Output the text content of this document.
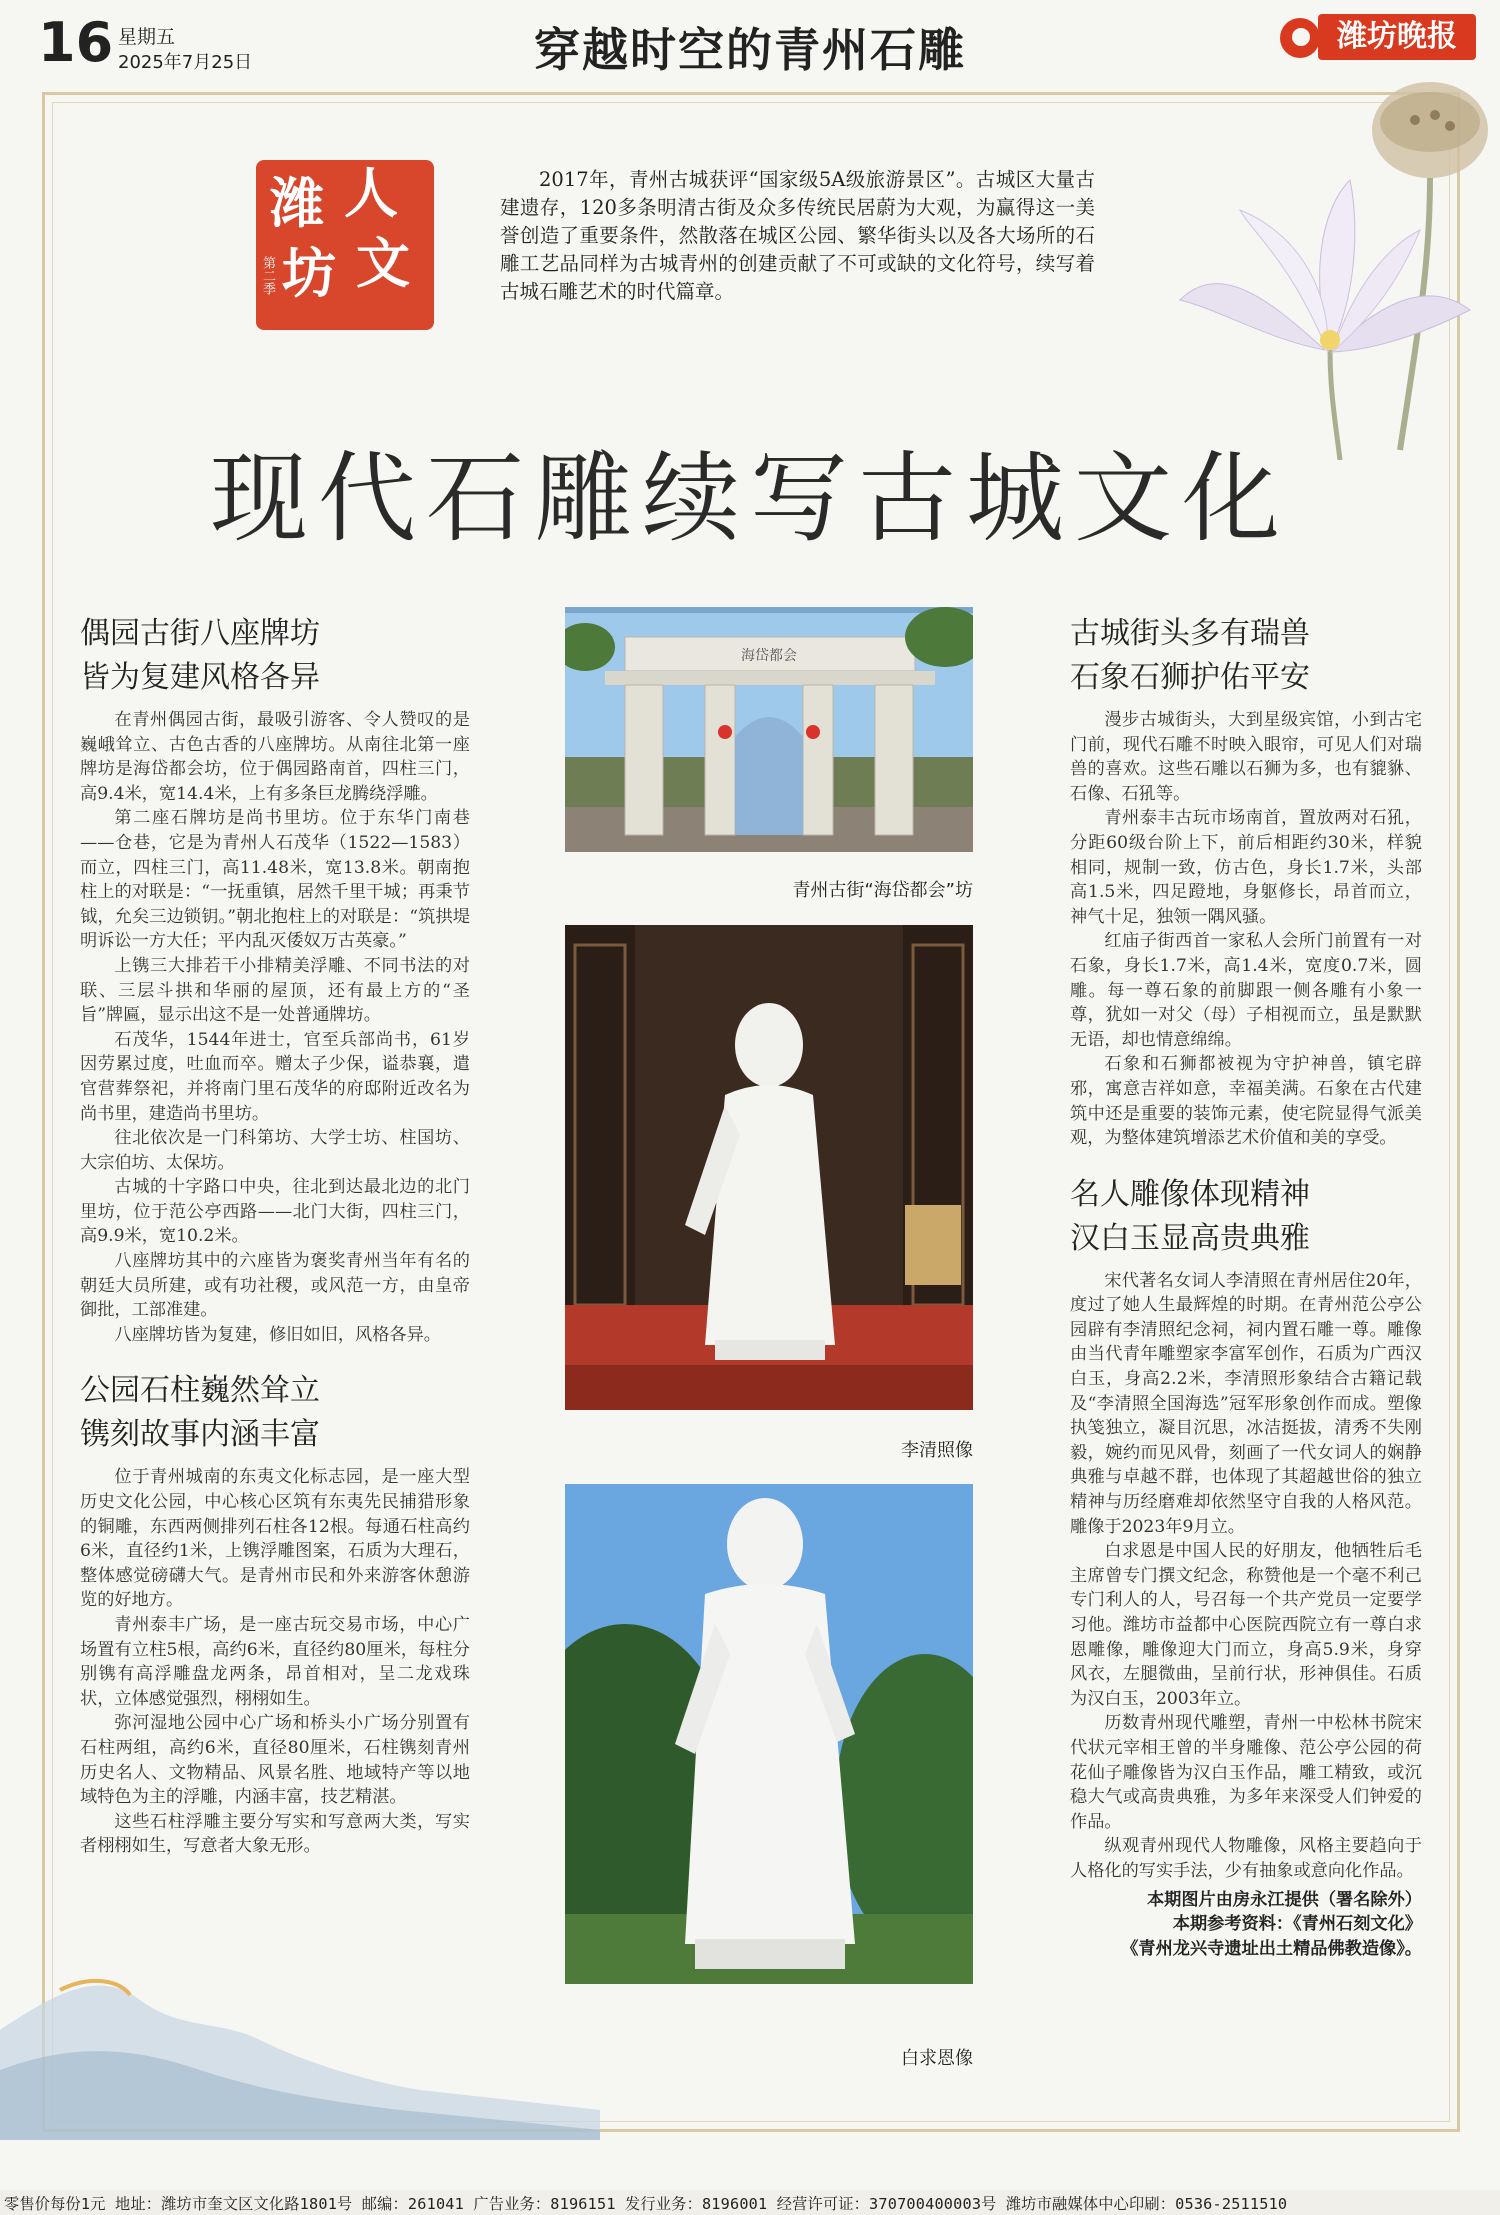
16 星期五
2025年7月25日	穿越时空的青州石雕	潍坊晚报
潍 人
坊 文
第二季

2017年，青州古城获评“国家级5A级旅游景区”。古城区大量古建遗存，120多条明清古街及众多传统民居蔚为大观，为赢得这一美誉创造了重要条件，然散落在城区公园、繁华街头以及各大场所的石雕工艺品同样为古城青州的创建贡献了不可或缺的文化符号，续写着古城石雕艺术的时代篇章。

现代石雕续写古城文化
偶园古街八座牌坊
皆为复建风格各异

在青州偶园古街，最吸引游客、令人赞叹的是巍峨耸立、古色古香的八座牌坊。从南往北第一座牌坊是海岱都会坊，位于偶园路南首，四柱三门，高9.4米，宽14.4米，上有多条巨龙腾绕浮雕。

第二座石牌坊是尚书里坊。位于东华门南巷——仓巷，它是为青州人石茂华（1522—1583）而立，四柱三门，高11.48米，宽13.8米。朝南抱柱上的对联是：“一抚重镇，居然千里干城；再秉节钺，允矣三边锁钥。”朝北抱柱上的对联是：“筑拱堤明诉讼一方大任；平内乱灭倭奴万古英豪。”

上镌三大排若干小排精美浮雕、不同书法的对联、三层斗拱和华丽的屋顶，还有最上方的“圣旨”牌匾，显示出这不是一处普通牌坊。

石茂华，1544年进士，官至兵部尚书，61岁因劳累过度，吐血而卒。赠太子少保，谥恭襄，遣官营葬祭祀，并将南门里石茂华的府邸附近改名为尚书里，建造尚书里坊。

往北依次是一门科第坊、大学士坊、柱国坊、大宗伯坊、太保坊。

古城的十字路口中央，往北到达最北边的北门里坊，位于范公亭西路——北门大街，四柱三门，高9.9米，宽10.2米。

八座牌坊其中的六座皆为褒奖青州当年有名的朝廷大员所建，或有功社稷，或风范一方，由皇帝御批，工部准建。

八座牌坊皆为复建，修旧如旧，风格各异。

公园石柱巍然耸立
镌刻故事内涵丰富

位于青州城南的东夷文化标志园，是一座大型历史文化公园，中心核心区筑有东夷先民捕猎形象的铜雕，东西两侧排列石柱各12根。每通石柱高约6米，直径约1米，上镌浮雕图案，石质为大理石，整体感觉磅礴大气。是青州市民和外来游客休憩游览的好地方。

青州泰丰广场，是一座古玩交易市场，中心广场置有立柱5根，高约6米，直径约80厘米，每柱分别镌有高浮雕盘龙两条，昂首相对，呈二龙戏珠状，立体感觉强烈，栩栩如生。

弥河湿地公园中心广场和桥头小广场分别置有石柱两组，高约6米，直径80厘米，石柱镌刻青州历史名人、文物精品、风景名胜、地域特产等以地域特色为主的浮雕，内涵丰富，技艺精湛。

这些石柱浮雕主要分写实和写意两大类，写实者栩栩如生，写意者大象无形。

海岱都会
青州古街“海岱都会”坊
李清照像
白求恩像
古城街头多有瑞兽
石象石狮护佑平安

漫步古城街头，大到星级宾馆，小到古宅门前，现代石雕不时映入眼帘，可见人们对瑞兽的喜欢。这些石雕以石狮为多，也有貔貅、石像、石犼等。

青州泰丰古玩市场南首，置放两对石犼，分距60级台阶上下，前后相距约30米，样貌相同，规制一致，仿古色，身长1.7米，头部高1.5米，四足蹬地，身躯修长，昂首而立，神气十足，独领一隅风骚。

红庙子街西首一家私人会所门前置有一对石象，身长1.7米，高1.4米，宽度0.7米，圆雕。每一尊石象的前脚跟一侧各雕有小象一尊，犹如一对父（母）子相视而立，虽是默默无语，却也情意绵绵。

石象和石狮都被视为守护神兽，镇宅辟邪，寓意吉祥如意，幸福美满。石象在古代建筑中还是重要的装饰元素，使宅院显得气派美观，为整体建筑增添艺术价值和美的享受。

名人雕像体现精神
汉白玉显高贵典雅

宋代著名女词人李清照在青州居住20年，度过了她人生最辉煌的时期。在青州范公亭公园辟有李清照纪念祠，祠内置石雕一尊。雕像由当代青年雕塑家李富军创作，石质为广西汉白玉，身高2.2米，李清照形象结合古籍记载及“李清照全国海选”冠军形象创作而成。塑像执笺独立，凝目沉思，冰洁挺拔，清秀不失刚毅，婉约而见风骨，刻画了一代女词人的娴静典雅与卓越不群，也体现了其超越世俗的独立精神与历经磨难却依然坚守自我的人格风范。雕像于2023年9月立。

白求恩是中国人民的好朋友，他牺牲后毛主席曾专门撰文纪念，称赞他是一个毫不利己专门利人的人，号召每一个共产党员一定要学习他。潍坊市益都中心医院西院立有一尊白求恩雕像，雕像迎大门而立，身高5.9米，身穿风衣，左腿微曲，呈前行状，形神俱佳。石质为汉白玉，2003年立。

历数青州现代雕塑，青州一中松林书院宋代状元宰相王曾的半身雕像、范公亭公园的荷花仙子雕像皆为汉白玉作品，雕工精致，或沉稳大气或高贵典雅，为多年来深受人们钟爱的作品。

纵观青州现代人物雕像，风格主要趋向于人格化的写实手法，少有抽象或意向化作品。

本期图片由房永江提供（署名除外）
本期参考资料：《青州石刻文化》
《青州龙兴寺遗址出土精品佛教造像》。
零售价每份1元 地址：潍坊市奎文区文化路1801号 邮编：261041 广告业务：8196151 发行业务：8196001 经营许可证：370700400003号 潍坊市融媒体中心印刷：0536-2511510
